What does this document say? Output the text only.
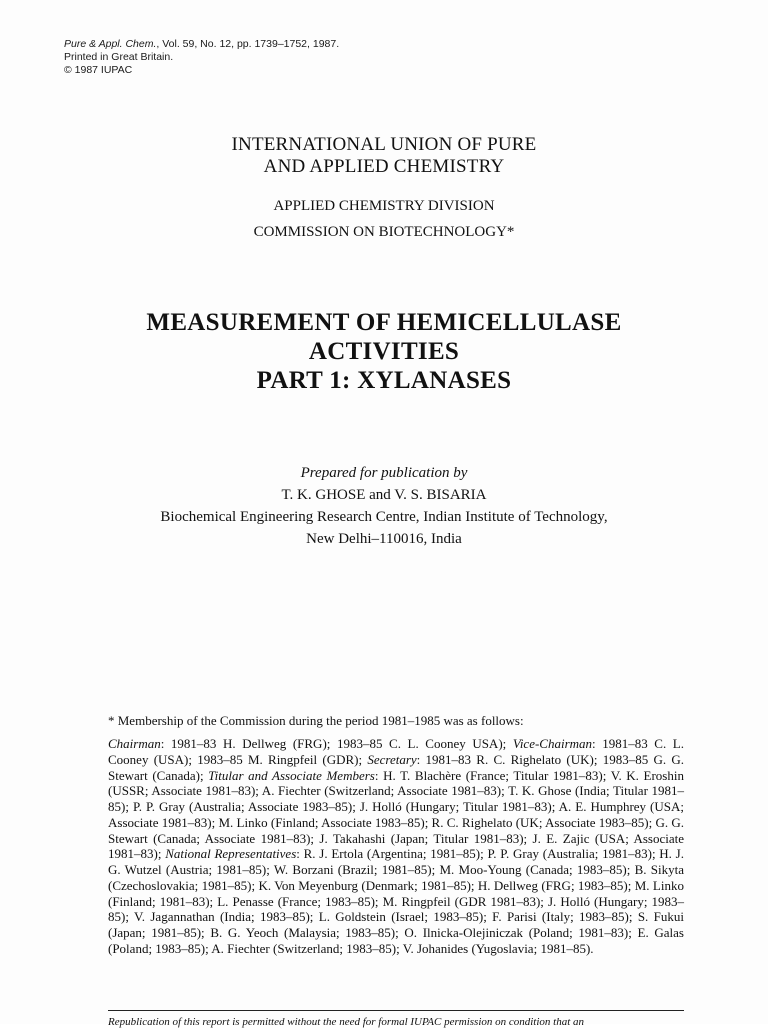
Pure & Appl. Chem., Vol. 59, No. 12, pp. 1739–1752, 1987.
Printed in Great Britain.
© 1987 IUPAC
INTERNATIONAL UNION OF PURE
AND APPLIED CHEMISTRY
APPLIED CHEMISTRY DIVISION
COMMISSION ON BIOTECHNOLOGY*
MEASUREMENT OF HEMICELLULASE
ACTIVITIES
PART 1: XYLANASES
Prepared for publication by
T. K. GHOSE and V. S. BISARIA
Biochemical Engineering Research Centre, Indian Institute of Technology,
New Delhi–110016, India
* Membership of the Commission during the period 1981–1985 was as follows:
Chairman: 1981–83 H. Dellweg (FRG); 1983–85 C. L. Cooney USA); Vice-Chairman: 1981–83 C. L. Cooney (USA); 1983–85 M. Ringpfeil (GDR); Secretary: 1981–83 R. C. Righelato (UK); 1983–85 G. G. Stewart (Canada); Titular and Associate Members: H. T. Blachère (France; Titular 1981–83); V. K. Eroshin (USSR; Associate 1981–83); A. Fiechter (Switzerland; Associate 1981–83); T. K. Ghose (India; Titular 1981–85); P. P. Gray (Australia; Associate 1983–85); J. Holló (Hungary; Titular 1981–83); A. E. Humphrey (USA; Associate 1981–83); M. Linko (Finland; Associate 1983–85); R. C. Righelato (UK; Associate 1983–85); G. G. Stewart (Canada; Associate 1981–83); J. Takahashi (Japan; Titular 1981–83); J. E. Zajic (USA; Associate 1981–83); National Representatives: R. J. Ertola (Argentina; 1981–85); P. P. Gray (Australia; 1981–83); H. J. G. Wutzel (Austria; 1981–85); W. Borzani (Brazil; 1981–85); M. Moo-Young (Canada; 1983–85); B. Sikyta (Czechoslovakia; 1981–85); K. Von Meyenburg (Denmark; 1981–85); H. Dellweg (FRG; 1983–85); M. Linko (Finland; 1981–83); L. Penasse (France; 1983–85); M. Ringpfeil (GDR 1981–83); J. Holló (Hungary; 1983–85); V. Jagannathan (India; 1983–85); L. Goldstein (Israel; 1983–85); F. Parisi (Italy; 1983–85); S. Fukui (Japan; 1981–85); B. G. Yeoch (Malaysia; 1983–85); O. Ilnicka-Olejiniczak (Poland; 1981–83); E. Galas (Poland; 1983–85); A. Fiechter (Switzerland; 1983–85); V. Johanides (Yugoslavia; 1981–85).
Republication of this report is permitted without the need for formal IUPAC permission on condition that an
